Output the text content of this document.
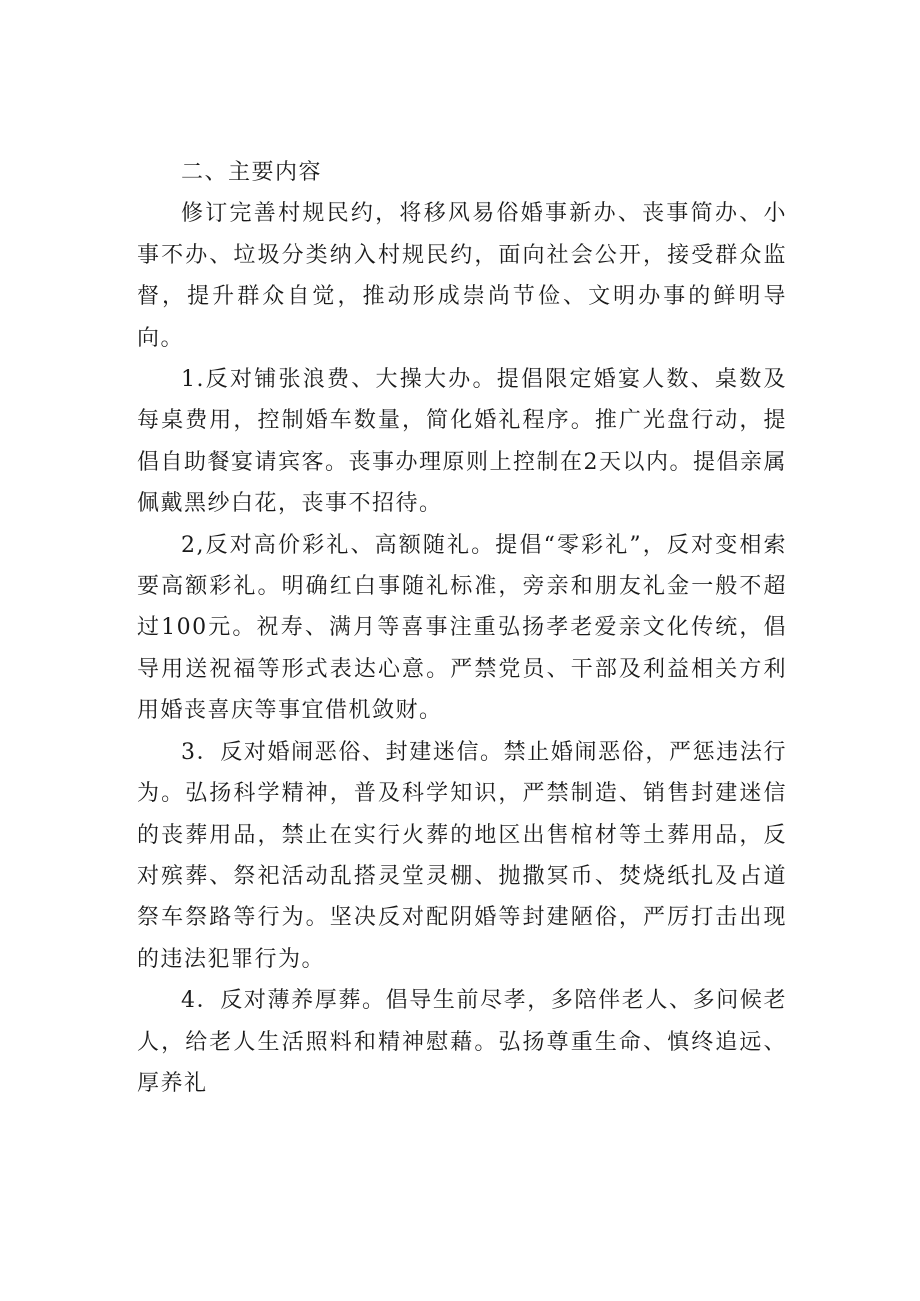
二、主要内容

修订完善村规民约，将移风易俗婚事新办、丧事简办、小事不办、垃圾分类纳入村规民约，面向社会公开，接受群众监督，提升群众自觉，推动形成崇尚节俭、文明办事的鲜明导向。

1.反对铺张浪费、大操大办。提倡限定婚宴人数、桌数及每桌费用，控制婚车数量，简化婚礼程序。推广光盘行动，提倡自助餐宴请宾客。丧事办理原则上控制在2天以内。提倡亲属佩戴黑纱白花，丧事不招待。

2,反对高价彩礼、高额随礼。提倡“零彩礼”，反对变相索要高额彩礼。明确红白事随礼标准，旁亲和朋友礼金一般不超过100元。祝寿、满月等喜事注重弘扬孝老爱亲文化传统，倡导用送祝福等形式表达心意。严禁党员、干部及利益相关方利用婚丧喜庆等事宜借机敛财。

3．反对婚闹恶俗、封建迷信。禁止婚闹恶俗，严惩违法行为。弘扬科学精神，普及科学知识，严禁制造、销售封建迷信的丧葬用品，禁止在实行火葬的地区出售棺材等土葬用品，反对殡葬、祭祀活动乱搭灵堂灵棚、抛撒冥币、焚烧纸扎及占道祭车祭路等行为。坚决反对配阴婚等封建陋俗，严厉打击出现的违法犯罪行为。

4．反对薄养厚葬。倡导生前尽孝，多陪伴老人、多问候老人，给老人生活照料和精神慰藉。弘扬尊重生命、慎终追远、厚养礼
